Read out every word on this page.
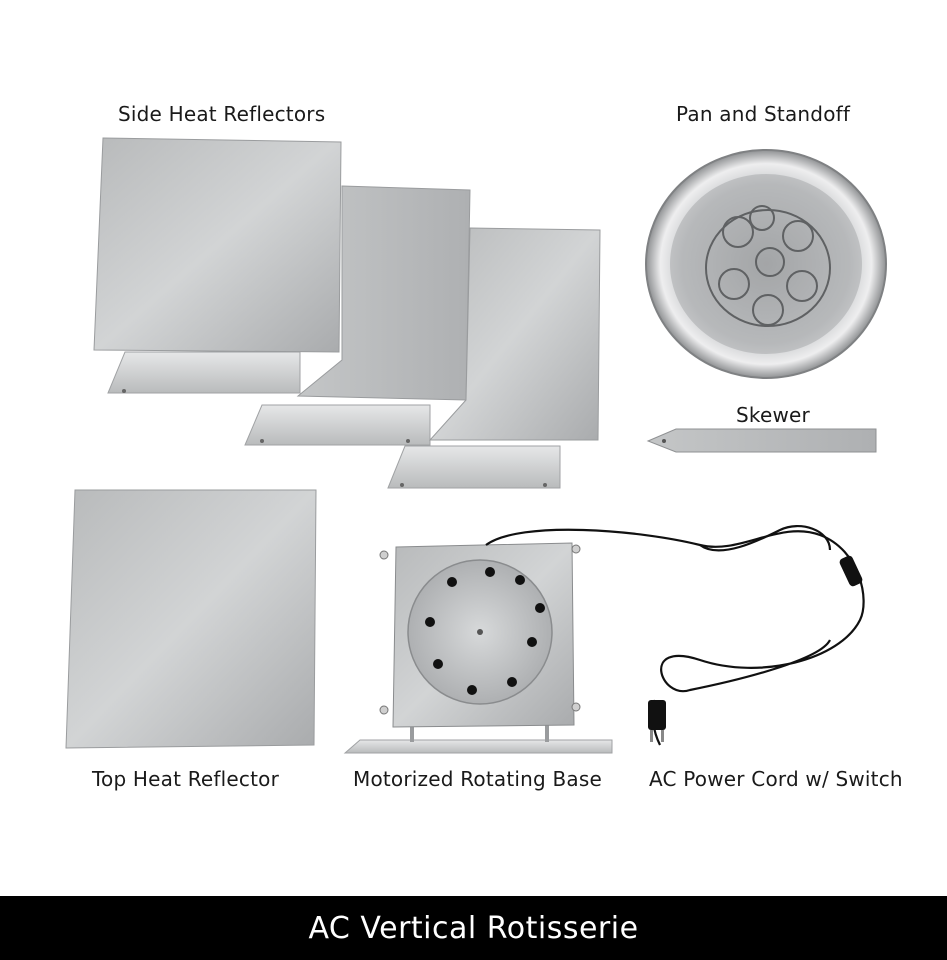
Side Heat Reflectors	Pan and Standoff
Skewer
Top Heat Reflector	Motorized Rotating Base AC Power Cord w/ Switch
AC Vertical Rotisserie
